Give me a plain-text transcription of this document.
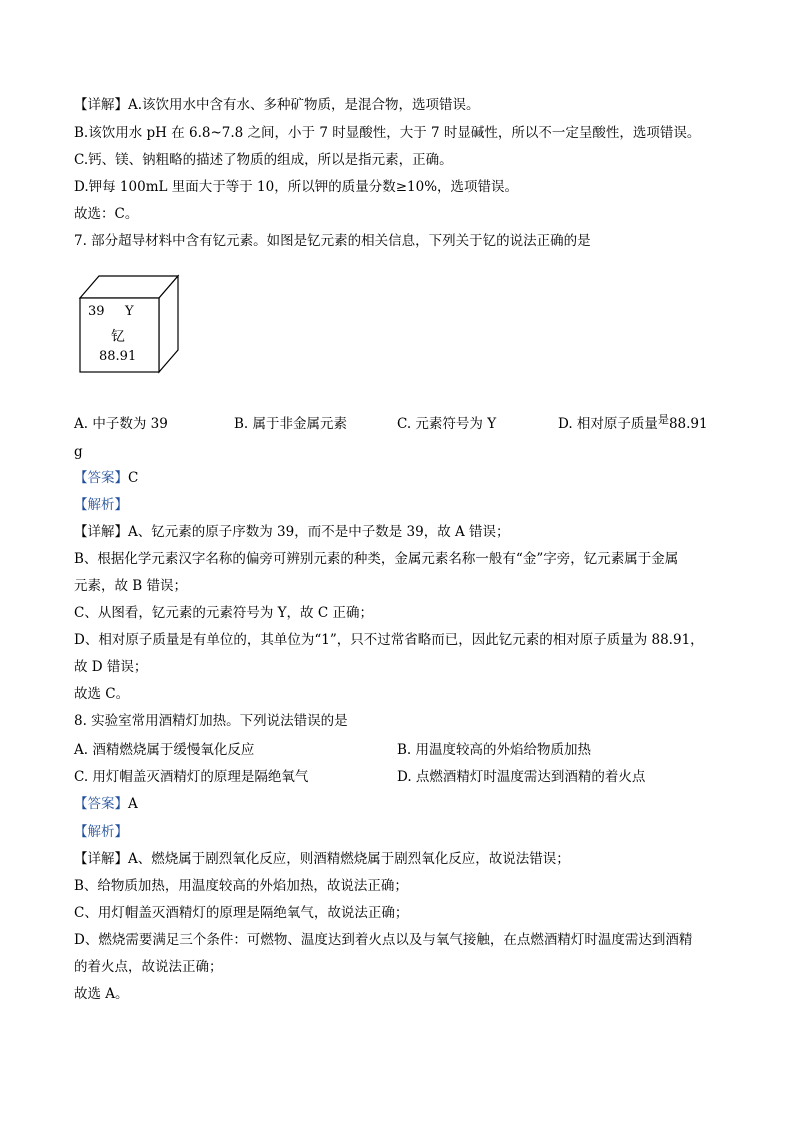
【详解】A.该饮用水中含有水、多种矿物质，是混合物，选项错误。
B.该饮用水 pH 在 6.8~7.8 之间，小于 7 时显酸性，大于 7 时显碱性，所以不一定呈酸性，选项错误。
C.钙、镁、钠粗略的描述了物质的组成，所以是指元素，正确。
D.钾每 100mL 里面大于等于 10，所以钾的质量分数≥10%，选项错误。
故选：C。
7. 部分超导材料中含有钇元素。如图是钇元素的相关信息，下列关于钇的说法正确的是
39 Y
钇
88.91
A. 中子数为 39	B. 属于非金属元素	C. 元素符号为 Y	D. 相对原子质量$^是$88.91
g
【答案】C
【解析】
【详解】A、钇元素的原子序数为 39，而不是中子数是 39，故 A 错误；
B、根据化学元素汉字名称的偏旁可辨别元素的种类，金属元素名称一般有“金”字旁，钇元素属于金属
元素，故 B 错误；
C、从图看，钇元素的元素符号为 Y，故 C 正确；
D、相对原子质量是有单位的，其单位为“1”，只不过常省略而已，因此钇元素的相对原子质量为 88.91，
故 D 错误；
故选 C。
8. 实验室常用酒精灯加热。下列说法错误的是
A. 酒精燃烧属于缓慢氧化反应	B. 用温度较高的外焰给物质加热
C. 用灯帽盖灭酒精灯的原理是隔绝氧气	D. 点燃酒精灯时温度需达到酒精的着火点
【答案】A
【解析】
【详解】A、燃烧属于剧烈氧化反应，则酒精燃烧属于剧烈氧化反应，故说法错误；
B、给物质加热，用温度较高的外焰加热，故说法正确；
C、用灯帽盖灭酒精灯的原理是隔绝氧气，故说法正确；
D、燃烧需要满足三个条件：可燃物、温度达到着火点以及与氧气接触，在点燃酒精灯时温度需达到酒精
的着火点，故说法正确；
故选 A。
